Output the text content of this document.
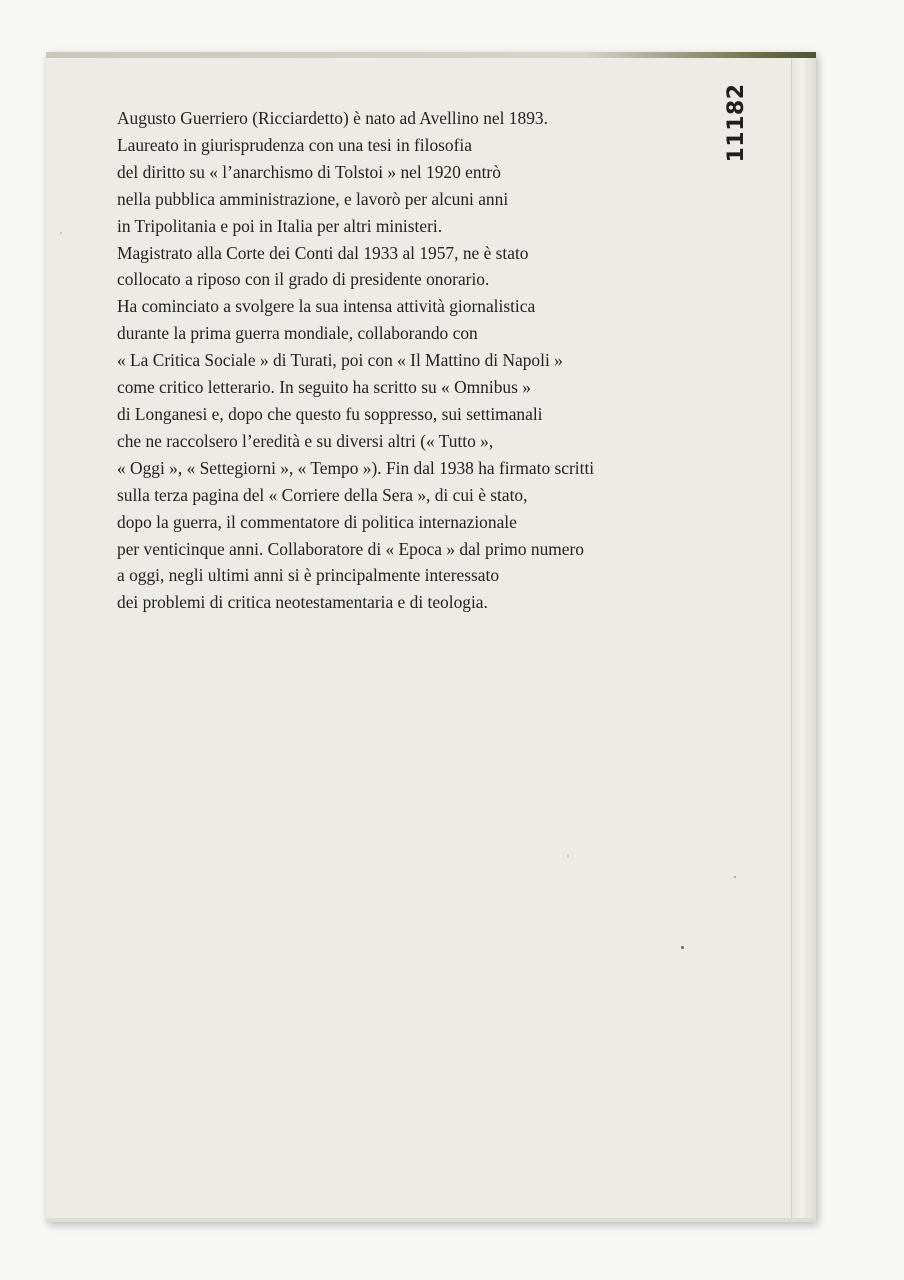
11182
Augusto Guerriero (Ricciardetto) è nato ad Avellino nel 1893.
Laureato in giurisprudenza con una tesi in filosofia
del diritto su « l’anarchismo di Tolstoi » nel 1920 entrò
nella pubblica amministrazione, e lavorò per alcuni anni
in Tripolitania e poi in Italia per altri ministeri.
Magistrato alla Corte dei Conti dal 1933 al 1957, ne è stato
collocato a riposo con il grado di presidente onorario.
Ha cominciato a svolgere la sua intensa attività giornalistica
durante la prima guerra mondiale, collaborando con
« La Critica Sociale » di Turati, poi con « Il Mattino di Napoli »
come critico letterario. In seguito ha scritto su « Omnibus »
di Longanesi e, dopo che questo fu soppresso, sui settimanali
che ne raccolsero l’eredità e su diversi altri (« Tutto »,
« Oggi », « Settegiorni », « Tempo »). Fin dal 1938 ha firmato scritti
sulla terza pagina del « Corriere della Sera », di cui è stato,
dopo la guerra, il commentatore di politica internazionale
per venticinque anni. Collaboratore di « Epoca » dal primo numero
a oggi, negli ultimi anni si è principalmente interessato
dei problemi di critica neotestamentaria e di teologia.
